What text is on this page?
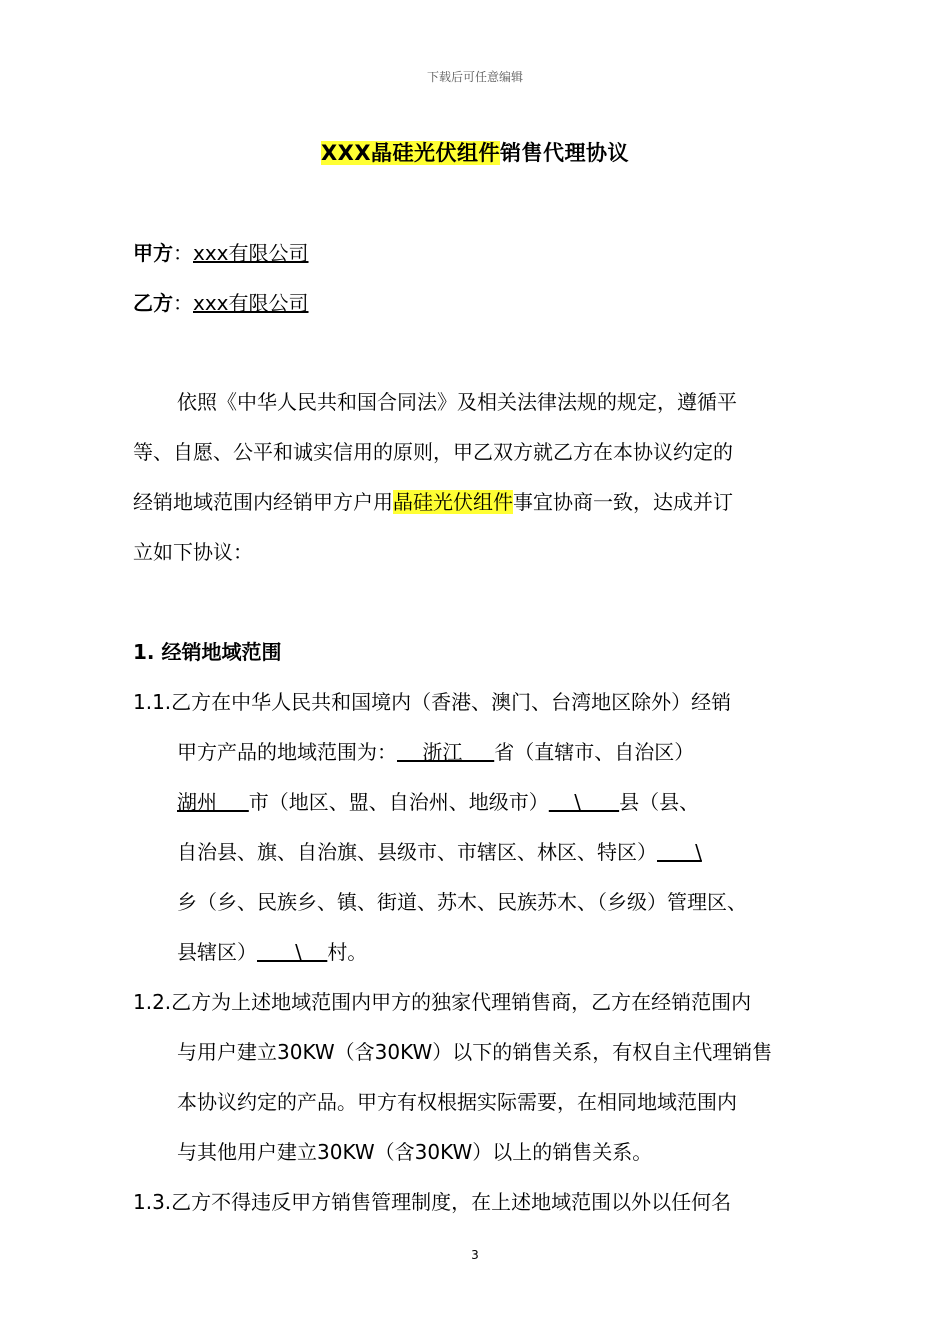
下载后可任意编辑
XXX晶硅光伏组件销售代理协议
甲方：xxx有限公司
乙方：xxx有限公司
依照《中华人民共和国合同法》及相关法律法规的规定，遵循平
等、自愿、公平和诚实信用的原则，甲乙双方就乙方在本协议约定的
经销地域范围内经销甲方户用晶硅光伏组件事宜协商一致，达成并订
立如下协议：
1. 经销地域范围
1.1.乙方在中华人民共和国境内（香港、澳门、台湾地区除外）经销
甲方产品的地域范围为：    浙江     省（直辖市、自治区）
湖州     市（地区、盟、自治州、地级市）    \      县（县、
自治县、旗、自治旗、县级市、市辖区、林区、特区）      \
乡（乡、民族乡、镇、街道、苏木、民族苏木、（乡级）管理区、
县辖区）      \    村。
1.2.乙方为上述地域范围内甲方的独家代理销售商，乙方在经销范围内
与用户建立30KW（含30KW）以下的销售关系，有权自主代理销售
本协议约定的产品。甲方有权根据实际需要，在相同地域范围内
与其他用户建立30KW（含30KW）以上的销售关系。
1.3.乙方不得违反甲方销售管理制度，在上述地域范围以外以任何名
3
